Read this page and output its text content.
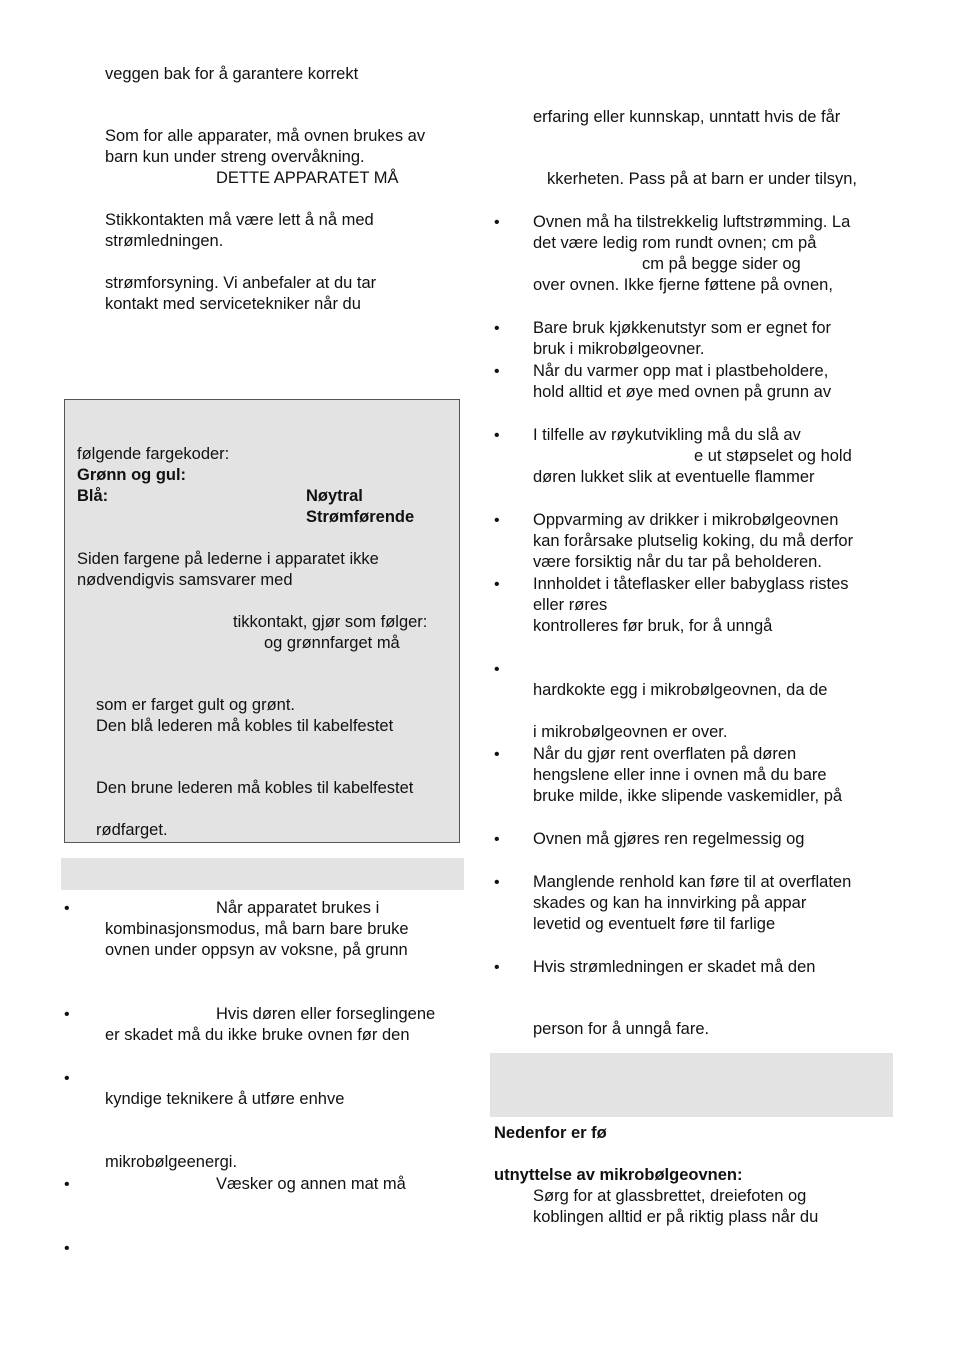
veggen bak for å garantere korrekt
Som for alle apparater, må ovnen brukes av
barn kun under streng overvåkning.
DETTE APPARATET MÅ
Stikkontakten må være lett å nå med
strømledningen.
strømforsyning. Vi anbefaler at du tar
kontakt med servicetekniker når du
følgende fargekoder:
Grønn og gul:
Blå:	Nøytral
Strømførende
Siden fargene på lederne i apparatet ikke
nødvendigvis samsvarer med
tikkontakt, gjør som følger:
og grønnfarget må
som er farget gult og grønt.
Den blå lederen må kobles til kabelfestet
Den brune lederen må kobles til kabelfestet
rødfarget.
•	Når apparatet brukes i
kombinasjonsmodus, må barn bare bruke
ovnen under oppsyn av voksne, på grunn
•	Hvis døren eller forseglingene
er skadet må du ikke bruke ovnen før den
•
kyndige teknikere å utføre enhve
mikrobølgeenergi.
•	Væsker og annen mat må
•
erfaring eller kunnskap, unntatt hvis de får
kkerheten. Pass på at barn er under tilsyn,
• Ovnen må ha tilstrekkelig luftstrømming. La
det være ledig rom rundt ovnen; cm på
cm på begge sider og
over ovnen. Ikke fjerne føttene på ovnen,
• Bare bruk kjøkkenutstyr som er egnet for
bruk i mikrobølgeovner.
• Når du varmer opp mat i plastbeholdere,
hold alltid et øye med ovnen på grunn av
• I tilfelle av røykutvikling må du slå av
e ut støpselet og hold
døren lukket slik at eventuelle flammer
• Oppvarming av drikker i mikrobølgeovnen
kan forårsake plutselig koking, du må derfor
være forsiktig når du tar på beholderen.
• Innholdet i tåteflasker eller babyglass ristes
eller røres
kontrolleres før bruk, for å unngå
•
hardkokte egg i mikrobølgeovnen, da de
i mikrobølgeovnen er over.
• Når du gjør rent overflaten på døren
hengslene eller inne i ovnen må du bare
bruke milde, ikke slipende vaskemidler, på
• Ovnen må gjøres ren regelmessig og
• Manglende renhold kan føre til at overflaten
skades og kan ha innvirking på appar
levetid og eventuelt føre til farlige
• Hvis strømledningen er skadet må den
person for å unngå fare.
Nedenfor er fø
utnyttelse av mikrobølgeovnen:
Sørg for at glassbrettet, dreiefoten og
koblingen alltid er på riktig plass når du
